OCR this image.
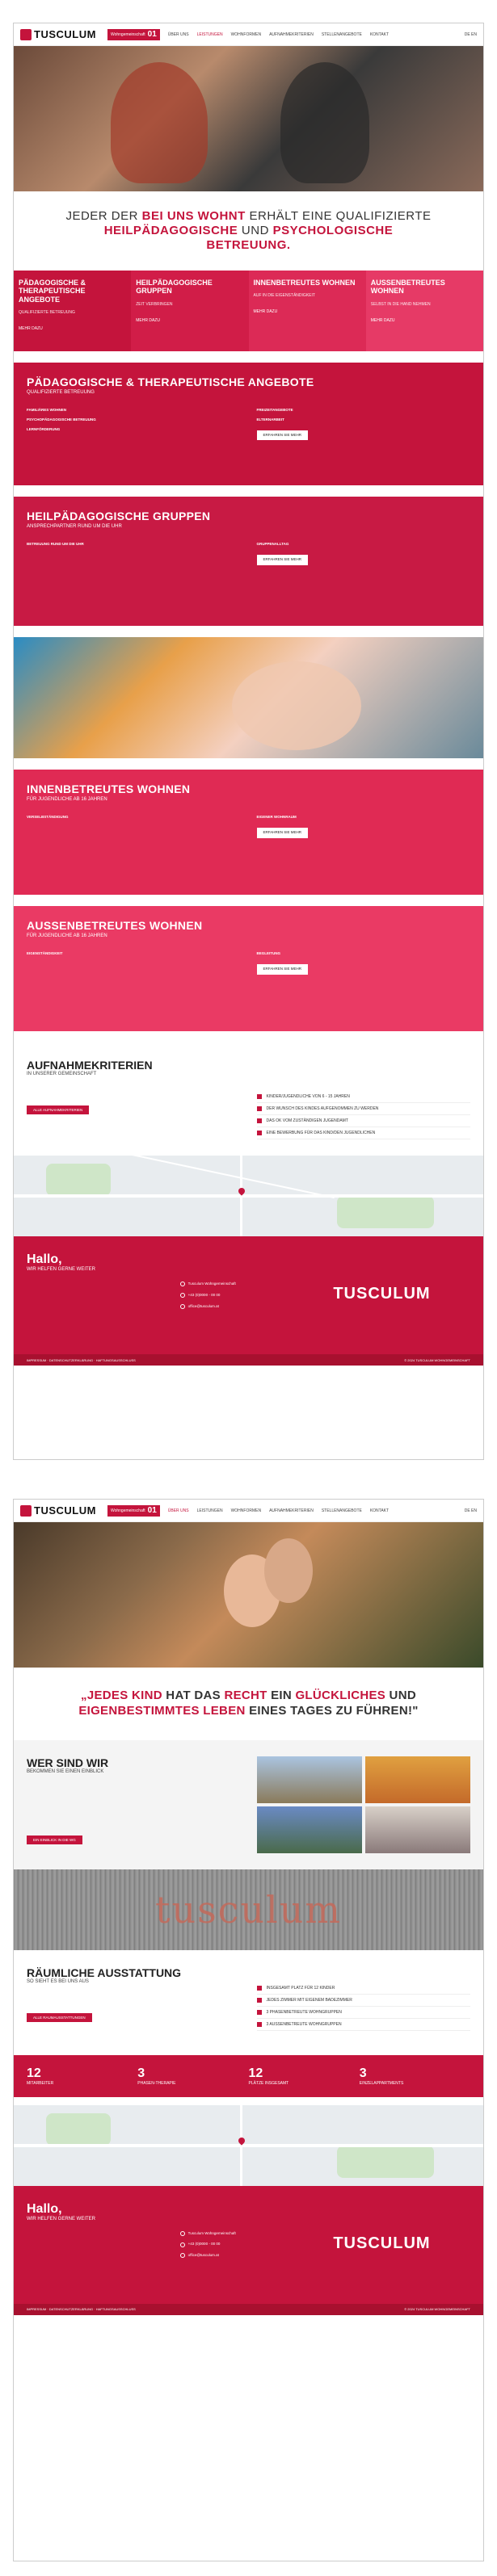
TUSCULUM	Wohngemeinschaft 01	ÜBER UNS LEISTUNGEN WOHNFORMEN AUFNAHMEKRITERIEN STELLENANGEBOTE KONTAKT	DE EN
JEDER DER BEI UNS WOHNT ERHÄLT EINE QUALIFIZIERTE HEILPÄDAGOGISCHE UND PSYCHOLOGISCHE BETREUUNG.
PÄDAGOGISCHE & THERAPEUTISCHE ANGEBOTE
QUALIFIZIERTE BETREUUNG
MEHR DAZU
HEILPÄDAGOGISCHE GRUPPEN
ZEIT VERBRINGEN
MEHR DAZU
INNENBETREUTES WOHNEN
AUF IN DIE EIGENSTÄNDIGKEIT
MEHR DAZU
AUSSENBETREUTES WOHNEN
SELBST IN DIE HAND NEHMEN
MEHR DAZU
PÄDAGOGISCHE & THERAPEUTISCHE ANGEBOTE
QUALIFIZIERTE BETREUUNG

FAMILIÄRES WOHNEN

PSYCHOPÄDAGOGISCHE BETREUUNG

LERNFÖRDERUNG

FREIZEITANGEBOTE

ELTERNARBEIT

ERFAHREN SIE MEHR
HEILPÄDAGOGISCHE GRUPPEN
ANSPRECHPARTNER RUND UM DIE UHR

BETREUUNG RUND UM DIE UHR	GRUPPENALLTAG

ERFAHREN SIE MEHR
INNENBETREUTES WOHNEN
FÜR JUGENDLICHE AB 16 JAHREN

VERSELBSTÄNDIGUNG	EIGENER WOHNRAUM

ERFAHREN SIE MEHR
AUSSENBETREUTES WOHNEN
FÜR JUGENDLICHE AB 16 JAHREN

EIGENSTÄNDIGKEIT	BEGLEITUNG

ERFAHREN SIE MEHR
AUFNAHMEKRITERIEN
IN UNSERER GEMEINSCHAFT
ALLE AUFNAHMEKRITERIEN
KINDER/JUGENDLICHE VON 6 - 15 JAHREN
DER WUNSCH DES KINDES AUFGENOMMEN ZU WERDEN
DAS OK VOM ZUSTÄNDIGEN JUGENDAMT
EINE BEWERBUNG FÜR DAS KIND/DEN JUGENDLICHEN
Hallo,
WIR HELFEN GERNE WEITER
Tusculum Wohngemeinschaft
+43 (0)0000 - 00 00
office@tusculum.at
TUSCULUM
IMPRESSUM · DATENSCHUTZERKLÄRUNG · HAFTUNGSAUSSCHLUSS	© 2024 TUSCULUM WOHNGEMEINSCHAFT
TUSCULUM	Wohngemeinschaft 01	ÜBER UNS LEISTUNGEN WOHNFORMEN AUFNAHMEKRITERIEN STELLENANGEBOTE KONTAKT	DE EN
„JEDES KIND HAT DAS RECHT EIN GLÜCKLICHES UND EIGENBESTIMMTES LEBEN EINES TAGES ZU FÜHREN!"
WER SIND WIR
BEKOMMEN SIE EINEN EINBLICK
EIN EINBLICK IN DIE WG
tusculum
RÄUMLICHE AUSSTATTUNG
SO SIEHT ES BEI UNS AUS
ALLE RAUMAUSSTATTUNGEN
INSGESAMT PLATZ FÜR 12 KINDER
JEDES ZIMMER MIT EIGENEM BADEZIMMER
3 PHASENBETREUTE WOHNGRUPPEN
3 AUSSENBETREUTE WOHNGRUPPEN
12
MITARBEITER
3
PHASEN-THERAPIE
12
PLÄTZE INSGESAMT
3
EINZELAPPARTMENTS
Hallo,
WIR HELFEN GERNE WEITER
Tusculum Wohngemeinschaft
+43 (0)0000 - 00 00
office@tusculum.at
TUSCULUM
IMPRESSUM · DATENSCHUTZERKLÄRUNG · HAFTUNGSAUSSCHLUSS	© 2024 TUSCULUM WOHNGEMEINSCHAFT
